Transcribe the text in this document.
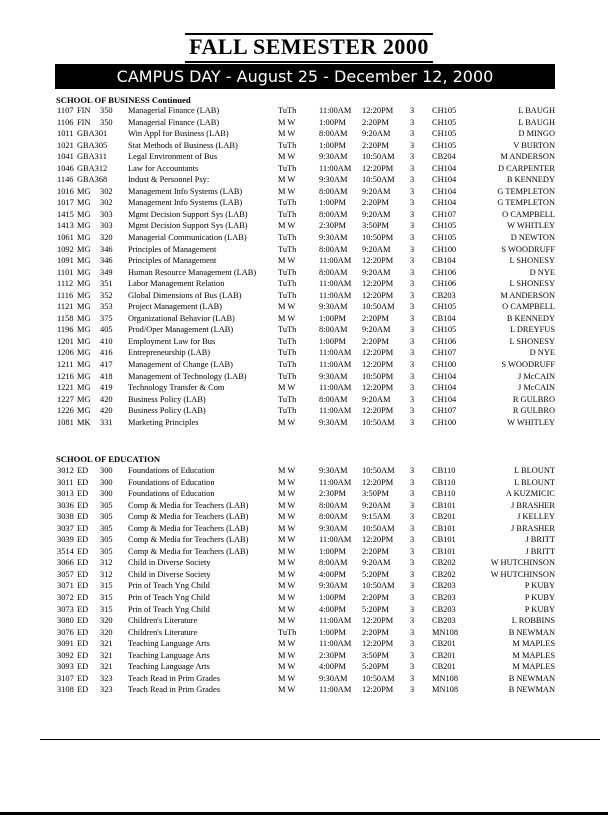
FALL SEMESTER 2000
CAMPUS DAY - August 25 - December 12, 2000
SCHOOL OF BUSINESS Continued
1107 FIN 350 Managerial Finance (LAB)	TuTh	11:00AM 12:20PM 3 CH105	L BAUGH
1106 FIN 350 Managerial Finance (LAB)	M W	1:00PM 2:20PM	3 CH105	L BAUGH
1011 GBA301 Win Appl for Business (LAB)	M W	8:00AM 9:20AM 3 CH105	D MINGO
1021 GBA305 Stat Methods of Business (LAB)	TuTh	1:00PM 2:20PM	3 CH105	V BURTON
1041 GBA311	Legal Environment of Bus	M W	9:30AM 10:50AM 3 CB204	M ANDERSON
1046 GBA312 Law for Accountants	TuTh	11:00AM 12:20PM 3 CH104	D CARPENTER
1146 GBA368 Indust & Personnel Psy:	M W	9:30AM 10:50AM 3 CH104	B KENNEDY
1016 MG 302 Management Info Systems (LAB)	M W	8:00AM 9:20AM 3 CH104	G TEMPLETON
1017 MG 302 Management Info Systems (LAB)	TuTh	1:00PM 2:20PM	3 CH104	G TEMPLETON
1415 MG 303 Mgmt Decision Support Sys (LAB)	TuTh	8:00AM 9:20AM 3 CH107	O CAMPBELL
1413 MG 303 Mgmt Decision Support Sys (LAB)	M W	2:30PM 3:50PM	3 CH105	W WHITLEY
1061 MG 320 Managerial Communication (LAB)	TuTh	9:30AM 10:50PM 3 CH105	D NEWTON
1092 MG 346 Principles of Management	TuTh	8:00AM 9:20AM 3 CH100	S WOODRUFF
1091 MG 346 Principles of Management	M W	11:00AM 12:20PM 3 CB104	L SHONESY
1101 MG 349 Human Resource Management (LAB)	TuTh	8:00AM 9:20AM 3 CH106	D NYE
1112 MG 351 Labor Management Relation	TuTh	11:00AM 12:20PM 3 CH106	L SHONESY
1116 MG 352 Global Dimensions of Bus (LAB)	TuTh	11:00AM 12:20PM 3 CB203	M ANDERSON
1121 MG 353 Project Management (LAB)	M W	9:30AM 10:50AM 3 CH105	O CAMPBELL
1158 MG 375 Organizational Behavior (LAB)	M W	1:00PM 2:20PM	3 CB104	B KENNEDY
1196 MG 405 Prod/Oper Management (LAB)	TuTh	8:00AM 9:20AM 3 CH105	L DREYFUS
1201 MG 410 Employment Law for Bus	TuTh	1:00PM 2:20PM	3 CH106	L SHONESY
1206 MG 416 Entrepreneurship (LAB)	TuTh	11:00AM 12:20PM 3 CH107	D NYE
1211 MG 417 Management of Change (LAB)	TuTh	11:00AM 12:20PM 3 CH100	S WOODRUFF
1216 MG 418 Management of Technology (LAB)	TuTh	9:30AM 10:50PM 3 CH104	J McCAIN
1221 MG 419 Technology Transfer & Com	M W	11:00AM 12:20PM 3 CH104	J McCAIN
1227 MG 420 Business Policy (LAB)	TuTh	8:00AM 9:20AM 3 CH104	R GULBRO
1226 MG 420 Business Policy (LAB)	TuTh	11:00AM 12:20PM 3 CH107	R GULBRO
1081 MK 331 Marketing Principles	M W	9:30AM 10:50AM 3 CH100	W WHITLEY
SCHOOL OF EDUCATION
3012 ED 300 Foundations of Education	M W	9:30AM 10:50AM 3 CB110	L BLOUNT
3011 ED 300 Foundations of Education	M W	11:00AM 12:20PM 3 CB110	L BLOUNT
3013 ED 300 Foundations of Education	M W	2:30PM 3:50PM	3 CB110	A KUZMICIC
3036 ED 305 Comp & Media for Teachers (LAB)	M W	8:00AM 9:20AM 3 CB101	J BRASHER
3038 ED 305 Comp & Media for Teachers (LAB)	M W	8:00AM 9:15AM 3 CB201	J KELLEY
3037 ED 305 Comp & Media for Teachers (LAB)	M W	9:30AM 10:50AM 3 CB101	J BRASHER
3039 ED 305 Comp & Media for Teachers (LAB)	M W	11:00AM 12:20PM 3 CB101	J BRITT
3514 ED 305 Comp & Media for Teachers (LAB)	M W	1:00PM 2:20PM	3 CB101	J BRITT
3066 ED 312 Child in Diverse Society	M W	8:00AM 9:20AM 3 CB202	W HUTCHINSON
3057 ED 312 Child in Diverse Society	M W	4:00PM 5:20PM	3 CB202	W HUTCHINSON
3071 ED 315 Prin of Teach Yng Child	M W	9:30AM 10:50AM 3 CB203	P KUBY
3072 ED 315 Prin of Teach Yng Child	M W	1:00PM 2:20PM	3 CB203	P KUBY
3073 ED 315 Prin of Teach Yng Child	M W	4:00PM 5:20PM	3 CB203	P KUBY
3080 ED 320 Children's Literature	M W	11:00AM 12:20PM 3 CB203	L ROBBINS
3076 ED 320 Children's Literature	TuTh	1:00PM 2:20PM	3 MN108	B NEWMAN
3091 ED 321 Teaching Language Arts	M W	11:00AM 12:20PM 3 CB201	M MAPLES
3092 ED 321 Teaching Language Arts	M W	2:30PM 3:50PM	3 CB201	M MAPLES
3093 ED 321 Teaching Language Arts	M W	4:00PM 5:20PM	3 CB201	M MAPLES
3107 ED 323 Teach Read in Prim Grades	M W	9:30AM 10:50AM 3 MN108	B NEWMAN
3108 ED 323 Teach Read in Prim Grades	M W	11:00AM 12:20PM 3 MN108	B NEWMAN
